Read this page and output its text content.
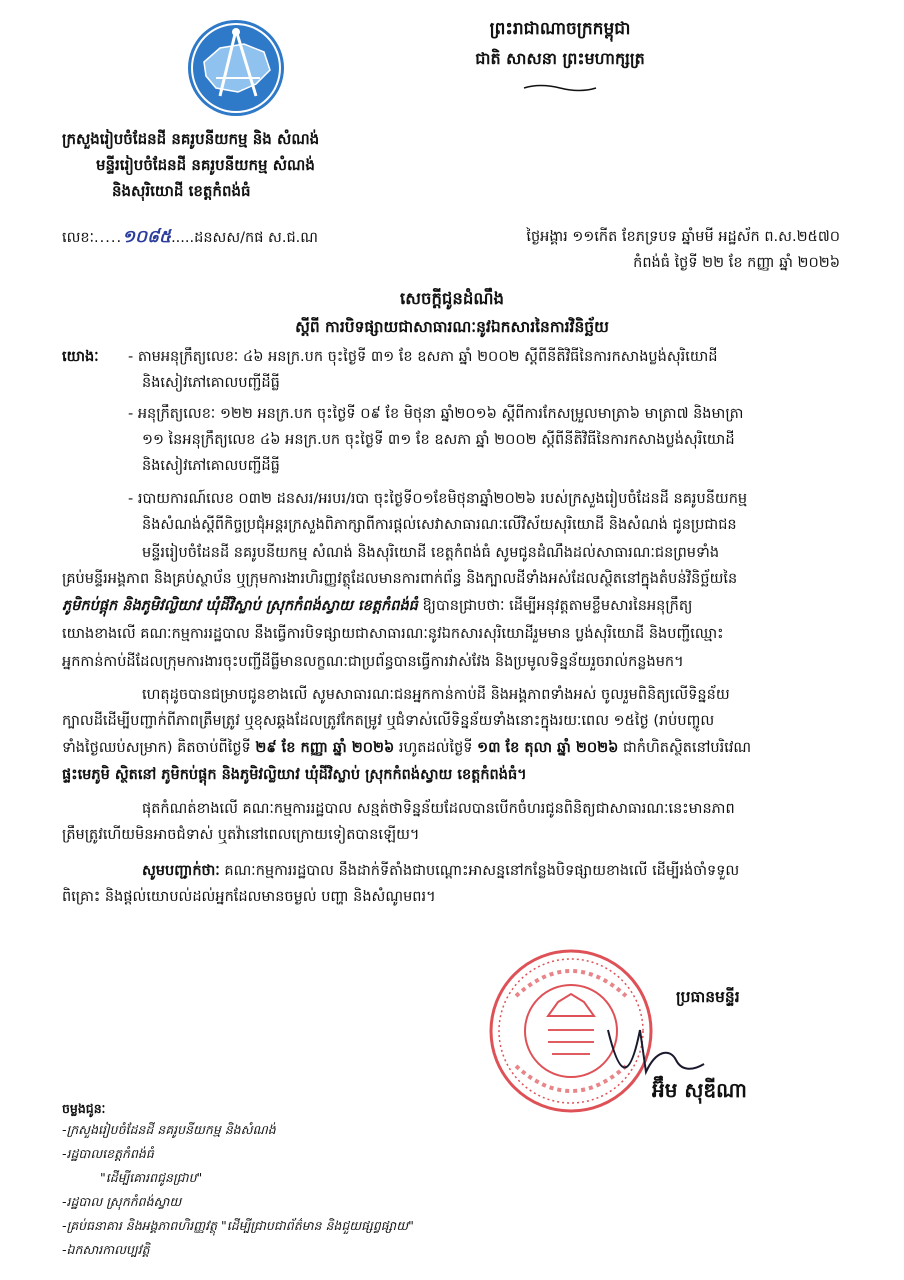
ព្រះរាជាណាចក្រកម្ពុជា
ជាតិ សាសនា ព្រះមហាក្សត្រ
ក្រសួងរៀបចំដែនដី នគរូបនីយកម្ម និង សំណង់
មន្ទីររៀបចំដែនដី នគរូបនីយកម្ម សំណង់
និងសុរិយោដី ខេត្តកំពង់ធំ
លេខៈ.....១០៨៥.....ដនសស/កផ ស.ជ.ណ	ថ្ងៃអង្គារ ១១កើត ខែភទ្របទ ឆ្នាំមមី អដ្ឋស័ក ព.ស.២៥៧០
កំពង់ធំ ថ្ងៃទី ២២ ខែ កញ្ញា ឆ្នាំ ២០២៦
សេចក្តីជូនដំណឹង
ស្តីពី ការបិទផ្សាយជាសាធារណៈនូវឯកសារនៃការវិនិច្ឆ័យ
យោងៈ - តាមអនុក្រឹត្យលេខៈ ៤៦ អនក្រ.បក ចុះថ្ងៃទី ៣១ ខែ ឧសភា ឆ្នាំ ២០០២ ស្តីពីនីតិវិធីនៃការកសាងប្លង់សុរិយោដី
និងសៀវភៅគោលបញ្ជីដីធ្លី
- អនុក្រឹត្យលេខៈ ១២២ អនក្រ.បក ចុះថ្ងៃទី ០៩ ខែ មិថុនា ឆ្នាំ២០១៦ ស្តីពីការកែសម្រួលមាត្រា៦ មាត្រា៧ និងមាត្រា
១១ នៃអនុក្រឹត្យលេខ ៤៦ អនក្រ.បក ចុះថ្ងៃទី ៣១ ខែ ឧសភា ឆ្នាំ ២០០២ ស្តីពីនីតិវិធីនៃការកសាងប្លង់សុរិយោដី
និងសៀវភៅគោលបញ្ជីដីធ្លី
- របាយការណ៍លេខ ០៣២ ដនសរ/អរបរ/របា ចុះថ្ងៃទី០១ខែមិថុនាឆ្នាំ២០២៦ របស់ក្រសួងរៀបចំដែនដី នគរូបនីយកម្ម
និងសំណង់ស្តីពីកិច្ចប្រជុំអន្តរក្រសួងពិភាក្សាពីការផ្តល់សេវាសាធារណៈលើវិស័យសុរិយោដី និងសំណង់ ជូនប្រជាជន
មន្ទីររៀបចំដែនដី នគរូបនីយកម្ម សំណង់ និងសុរិយោដី ខេត្តកំពង់ធំ សូមជូនដំណឹងដល់សាធារណៈជនព្រមទាំង
គ្រប់មន្ទីរអង្គភាព និងគ្រប់ស្ថាប័ន ឬក្រុមការងារហិរញ្ញវត្ថុដែលមានការពាក់ព័ន្ធ និងក្បាលដីទាំងអស់ដែលស្ថិតនៅក្នុងតំបន់វិនិច្ឆ័យនៃ
ភូមិកប់ផ្តុក និងភូមិវល្លិយាវ ឃុំដីវិស្លាប់ ស្រុកកំពង់ស្វាយ ខេត្តកំពង់ធំ ឱ្យបានជ្រាបថាៈ ដើម្បីអនុវត្តតាមខ្លឹមសារនៃអនុក្រឹត្យ
យោងខាងលើ គណៈកម្មការរដ្ឋបាល នឹងធ្វើការបិទផ្សាយជាសាធារណៈនូវឯកសារសុរិយោដីរួមមាន ប្លង់សុរិយោដី និងបញ្ជីឈ្មោះ
អ្នកកាន់កាប់ដីដែលក្រុមការងារចុះបញ្ជីដីធ្លីមានលក្ខណៈជាប្រព័ន្ធបានធ្វើការវាស់វែង និងប្រមូលទិន្នន័យរួចរាល់កន្លងមក។
ហេតុដូចបានជម្រាបជូនខាងលើ សូមសាធារណៈជនអ្នកកាន់កាប់ដី និងអង្គភាពទាំងអស់ ចូលរួមពិនិត្យលើទិន្នន័យ
ក្បាលដីដើម្បីបញ្ជាក់ពីភាពត្រឹមត្រូវ ឬខុសឆ្គងដែលត្រូវកែតម្រូវ ឬជំទាស់លើទិន្នន័យទាំងនោះក្នុងរយៈពេល ១៥ថ្ងៃ (រាប់បញ្ចូល
ទាំងថ្ងៃឈប់សម្រាក) គិតចាប់ពីថ្ងៃទី ២៩ ខែ កញ្ញា ឆ្នាំ ២០២៦ រហូតដល់ថ្ងៃទី ១៣ ខែ តុលា ឆ្នាំ ២០២៦ ជាកំហិតស្ថិតនៅបរិវេណ
ផ្ទះមេភូមិ ស្ថិតនៅ ភូមិកប់ផ្តុក និងភូមិវល្លិយាវ ឃុំដីវិស្លាប់ ស្រុកកំពង់ស្វាយ ខេត្តកំពង់ធំ។
ផុតកំណត់ខាងលើ គណៈកម្មការរដ្ឋបាល សន្មត់ថាទិន្នន័យដែលបានបើកចំហរជូនពិនិត្យជាសាធារណៈនេះមានភាព
ត្រឹមត្រូវហើយមិនអាចជំទាស់ ឬតវ៉ានៅពេលក្រោយទៀតបានឡើយ។
សូមបញ្ជាក់ថាៈ គណៈកម្មការរដ្ឋបាល នឹងដាក់ទីតាំងជាបណ្តោះអាសន្ននៅកន្លែងបិទផ្សាយខាងលើ ដើម្បីរង់ចាំទទួល
ពិគ្រោះ និងផ្តល់យោបល់ដល់អ្នកដែលមានចម្ងល់ បញ្ហា និងសំណូមពរ។
ប្រធានមន្ទីរ
អ៊ឹម សុឌីណា
ចម្លងជូនៈ
-ក្រសួងរៀបចំដែនដី នគរូបនីយកម្ម និងសំណង់
-រដ្ឋបាលខេត្តកំពង់ធំ
"ដើម្បីគោរពជូនជ្រាប"
-រដ្ឋបាល ស្រុកកំពង់ស្វាយ
-គ្រប់ធនាគារ និងអង្គភាពហិរញ្ញវត្ថុ "ដើម្បីជ្រាបជាព័ត៌មាន និងជួយផ្សព្វផ្សាយ"
-ឯកសារកាលប្បវត្តិ
